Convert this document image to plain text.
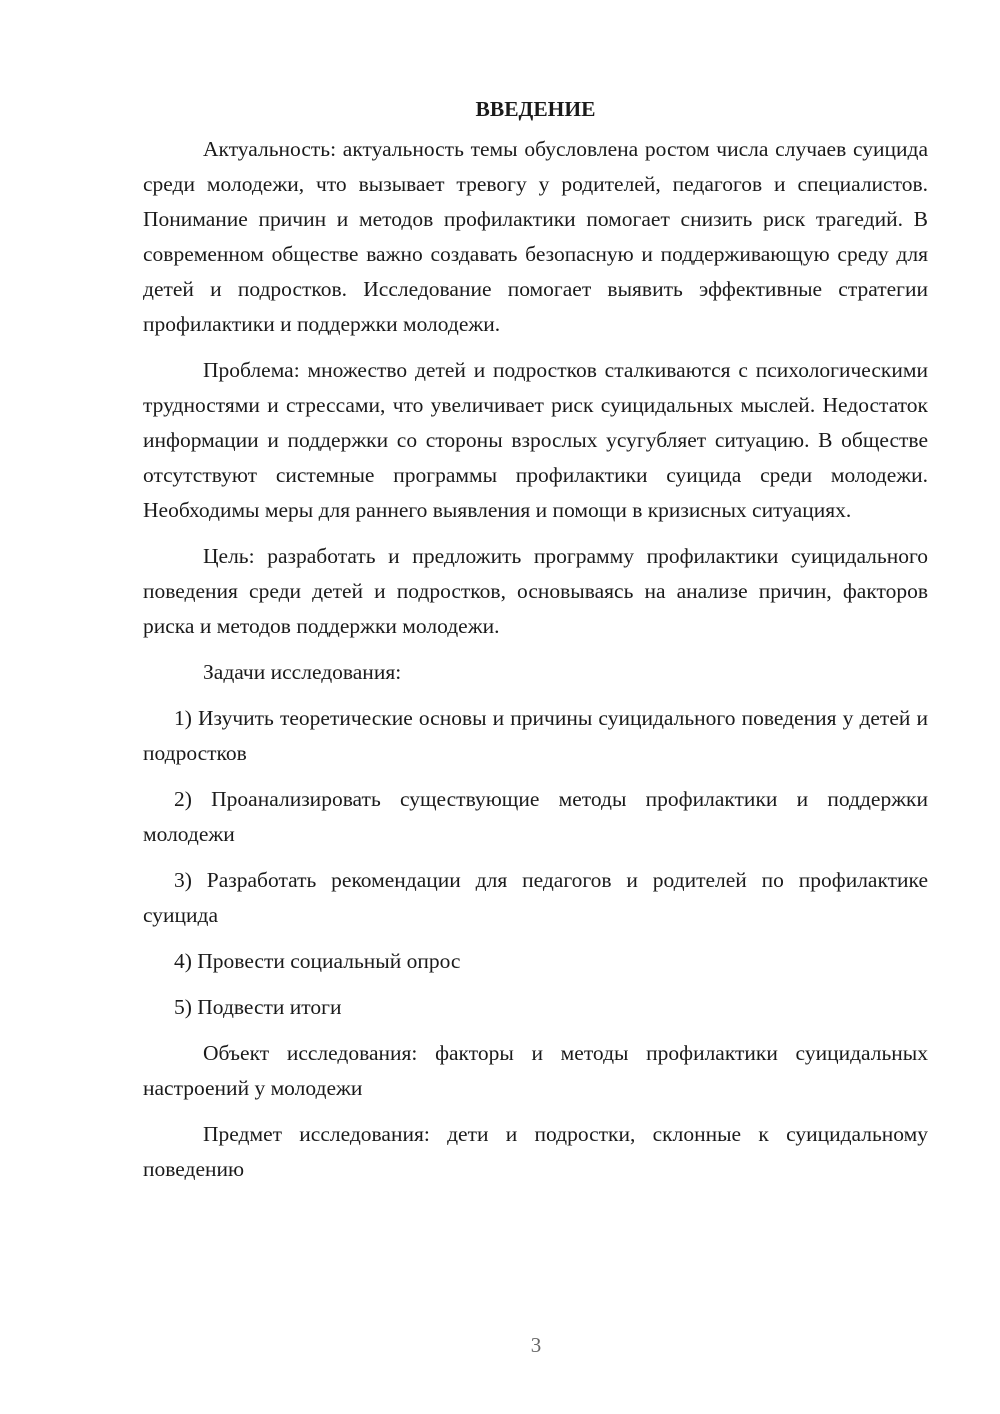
ВВЕДЕНИЕ

Актуальность: актуальность темы обусловлена ростом числа случаев суицида среди молодежи, что вызывает тревогу у родителей, педагогов и специалистов. Понимание причин и методов профилактики помогает снизить риск трагедий. В современном обществе важно создавать безопасную и поддерживающую среду для детей и подростков. Исследование помогает выявить эффективные стратегии профилактики и поддержки молодежи.

Проблема: множество детей и подростков сталкиваются с психологическими трудностями и стрессами, что увеличивает риск суицидальных мыслей. Недостаток информации и поддержки со стороны взрослых усугубляет ситуацию. В обществе отсутствуют системные программы профилактики суицида среди молодежи. Необходимы меры для раннего выявления и помощи в кризисных ситуациях.

Цель: разработать и предложить программу профилактики суицидального поведения среди детей и подростков, основываясь на анализе причин, факторов риска и методов поддержки молодежи.

Задачи исследования:

1) Изучить теоретические основы и причины суицидального поведения у детей и подростков

2) Проанализировать существующие методы профилактики и поддержки молодежи

3) Разработать рекомендации для педагогов и родителей по профилактике суицида

4) Провести социальный опрос

5) Подвести итоги

Объект исследования: факторы и методы профилактики суицидальных настроений у молодежи

Предмет исследования: дети и подростки, склонные к суицидальному поведению

3
